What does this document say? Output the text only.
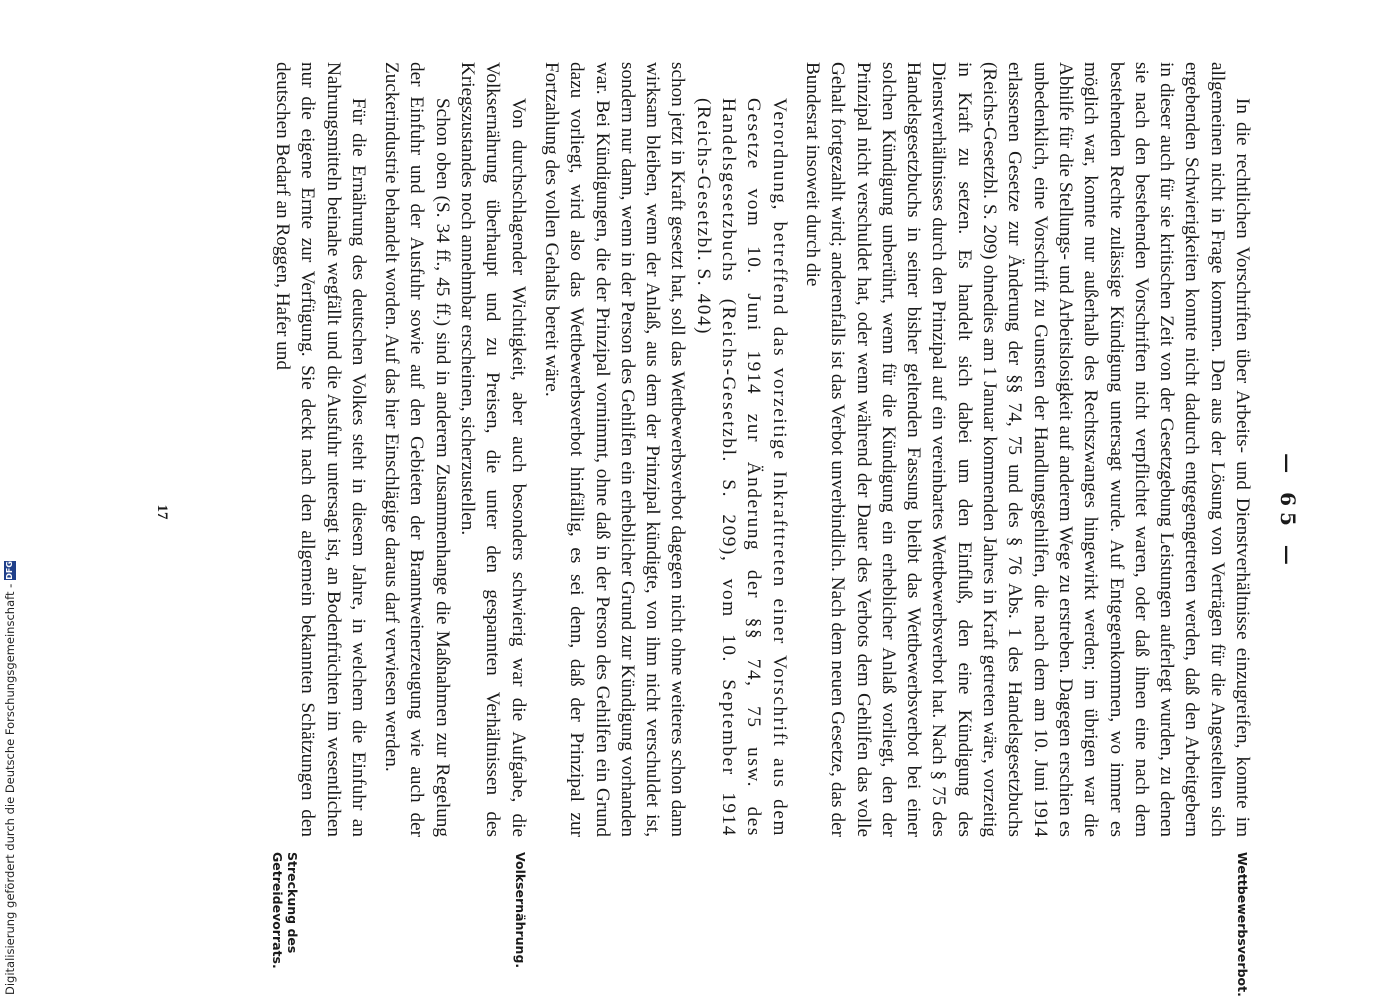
— 65 —

In die rechtlichen Vorschriften über Arbeits- und Dienstverhältnisse einzugreifen, konnte im allgemeinen nicht in Frage kommen. Den aus der Lösung von Verträgen für die Angestellten sich ergebenden Schwierigkeiten konnte nicht dadurch entgegengetreten werden, daß den Arbeitgebern in dieser auch für sie kritischen Zeit von der Gesetzgebung Leistungen auferlegt wurden, zu denen sie nach den bestehenden Vorschriften nicht verpflichtet waren, oder daß ihnen eine nach dem bestehenden Rechte zulässige Kündigung untersagt wurde. Auf Entgegenkommen, wo immer es möglich war, konnte nur außerhalb des Rechtszwanges hingewirkt werden; im übrigen war die Abhilfe für die Stellungs- und Arbeitslosigkeit auf anderem Wege zu erstreben. Dagegen erschien es unbedenklich, eine Vorschrift zu Gunsten der Handlungsgehilfen, die nach dem am 10. Juni 1914 erlassenen Gesetze zur Änderung der §§ 74, 75 und des § 76 Abs. 1 des Handelsgesetzbuchs (Reichs-Gesetzbl. S. 209) ohnedies am 1 Januar kommenden Jahres in Kraft getreten wäre, vorzeitig in Kraft zu setzen. Es handelt sich dabei um den Einfluß, den eine Kündigung des Dienstverhältnisses durch den Prinzipal auf ein vereinbartes Wettbewerbsverbot hat. Nach § 75 des Handelsgesetzbuchs in seiner bisher geltenden Fassung bleibt das Wettbewerbsverbot bei einer solchen Kündigung unberührt, wenn für die Kündigung ein erheblicher Anlaß vorliegt, den der Prinzipal nicht verschuldet hat, oder wenn während der Dauer des Verbots dem Gehilfen das volle Gehalt fortgezahlt wird; anderenfalls ist das Verbot unverbindlich. Nach dem neuen Gesetze, das der Bundesrat insoweit durch die

Verordnung, betreffend das vorzeitige Inkrafttreten einer Vorschrift aus dem Gesetze vom 10. Juni 1914 zur Änderung der §§ 74, 75 usw. des Handelsgesetzbuchs (Reichs-Gesetzbl. S. 209), vom 10. September 1914 (Reichs-Gesetzbl. S. 404)

schon jetzt in Kraft gesetzt hat, soll das Wettbewerbsverbot dagegen nicht ohne weiteres schon dann wirksam bleiben, wenn der Anlaß, aus dem der Prinzipal kündigte, von ihm nicht verschuldet ist, sondern nur dann, wenn in der Person des Gehilfen ein erheblicher Grund zur Kündigung vorhanden war. Bei Kündigungen, die der Prinzipal vornimmt, ohne daß in der Person des Gehilfen ein Grund dazu vorliegt, wird also das Wettbewerbsverbot hinfällig, es sei denn, daß der Prinzipal zur Fortzahlung des vollen Gehalts bereit wäre.

Von durchschlagender Wichtigkeit, aber auch besonders schwierig war die Aufgabe, die Volksernährung überhaupt und zu Preisen, die unter den gespannten Verhältnissen des Kriegszustandes noch annehmbar erscheinen, sicherzustellen.

Schon oben (S. 34 ff., 45 ff.) sind in anderem Zusammenhange die Maßnahmen zur Regelung der Einfuhr und der Ausfuhr sowie auf den Gebieten der Branntweinerzeugung wie auch der Zuckerindustrie behandelt worden. Auf das hier Einschlägige daraus darf verwiesen werden.

Für die Ernährung des deutschen Volkes steht in diesem Jahre, in welchem die Einfuhr an Nahrungsmitteln beinahe wegfällt und die Ausfuhr untersagt ist, an Bodenfrüchten im wesentlichen nur die eigene Ernte zur Verfügung. Sie deckt nach den allgemein bekannten Schätzungen den deutschen Bedarf an Roggen, Hafer und

Wettbewerbsverbot.
Volksernährung.
Streckung des Getreidevorrats.
17
Digitalisierung gefördert durch die Deutsche Forschungsgemeinschaft -
DFG
